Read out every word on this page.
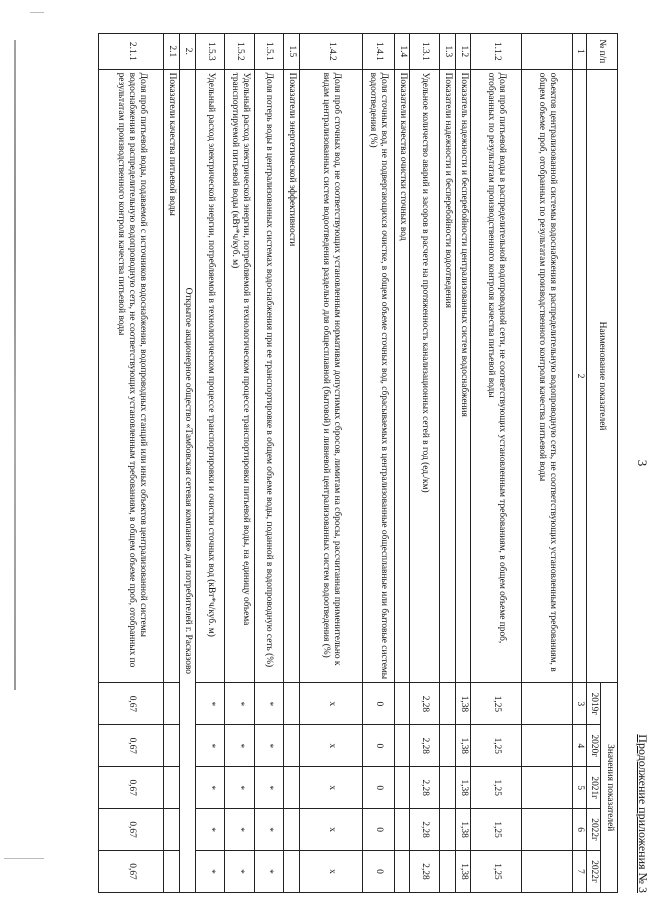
3
Продолжение приложения № 3
№ п/п	Наименование показателей	Значения показателей				
		2019г	2020г	2021г	2022г	2022г
1	2	3	4	5	6	7
	объектов централизованной системы водоснабжения в распределительную водопроводную сеть, не соответствующих установленным требованиям, в общем объеме проб, отобранных по результатам производственного контроля качества питьевой воды					
1.1.2	Доля проб питьевой воды в распределительной водопроводной сети, не соответствующих установленным требованиям, в общем объеме проб, отобранных по результатам производственного контроля качества питьевой воды	1,25	1,25	1,25	1,25	1,25
1.2	Показатель надежности и бесперебойности централизованных систем водоснабжения	1,38	1,38	1,38	1,38	1,38
1.3	Показатели надежности и бесперебойности водоотведения					
1.3.1	Удельное количество аварий и засоров в расчете на протяженность канализационных сетей в год (ед./км)	2,28	2,28	2,28	2,28	2,28
1.4	Показатели качества очистки сточных вод					
1.4.1	Доля сточных вод, не подвергающихся очистке, в общем объеме сточных вод, сбрасываемых в централизованные общесплавные или бытовые системы водоотведения (%)	0	0	0	0	0
1.4.2	Доля проб сточных вод, не соответствующих установленным нормативам допустимых сбросов, лимитам на сбросы, рассчитанная применительно к видам централизованных систем водоотведения раздельно для общесплавной (бытовой) и ливневой централизованных систем водоотведения (%)	x	x	x	x	x
1.5	Показатели энергетической эффективности					
1.5.1	Доля потерь воды в централизованных системах водоснабжения при ее транспортировке в общем объеме воды, поданной в водопроводную сеть (%)	*	*	*	*	*
1.5.2	Удельный расход электрической энергии, потребляемой в технологическом процессе транспортировки питьевой воды, на единицу объема транспортируемой питьевой воды (кВт*ч/куб. м)	*	*	*	*	*
1.5.3	Удельный расход электрической энергии, потребляемой в технологическом процессе транспортировки и очистки сточных вод (кВт*ч/куб. м)	*	*	*	*	*
2.	Открытое акционерное общество «Тамбовская сетевая компания» для потребителей г. Расказово					
2.1	Показатели качества питьевой воды					
2.1.1	Доля проб питьевой воды, подаваемой с источников водоснабжения, водопроводных станций или иных объектов централизованной системы водоснабжения в распределительную водопроводную сеть, не соответствующих установленным требованиям, в общем объеме проб, отобранных по результатам производственного контроля качества питьевой воды	0,67	0,67	0,67	0,67	0,67
